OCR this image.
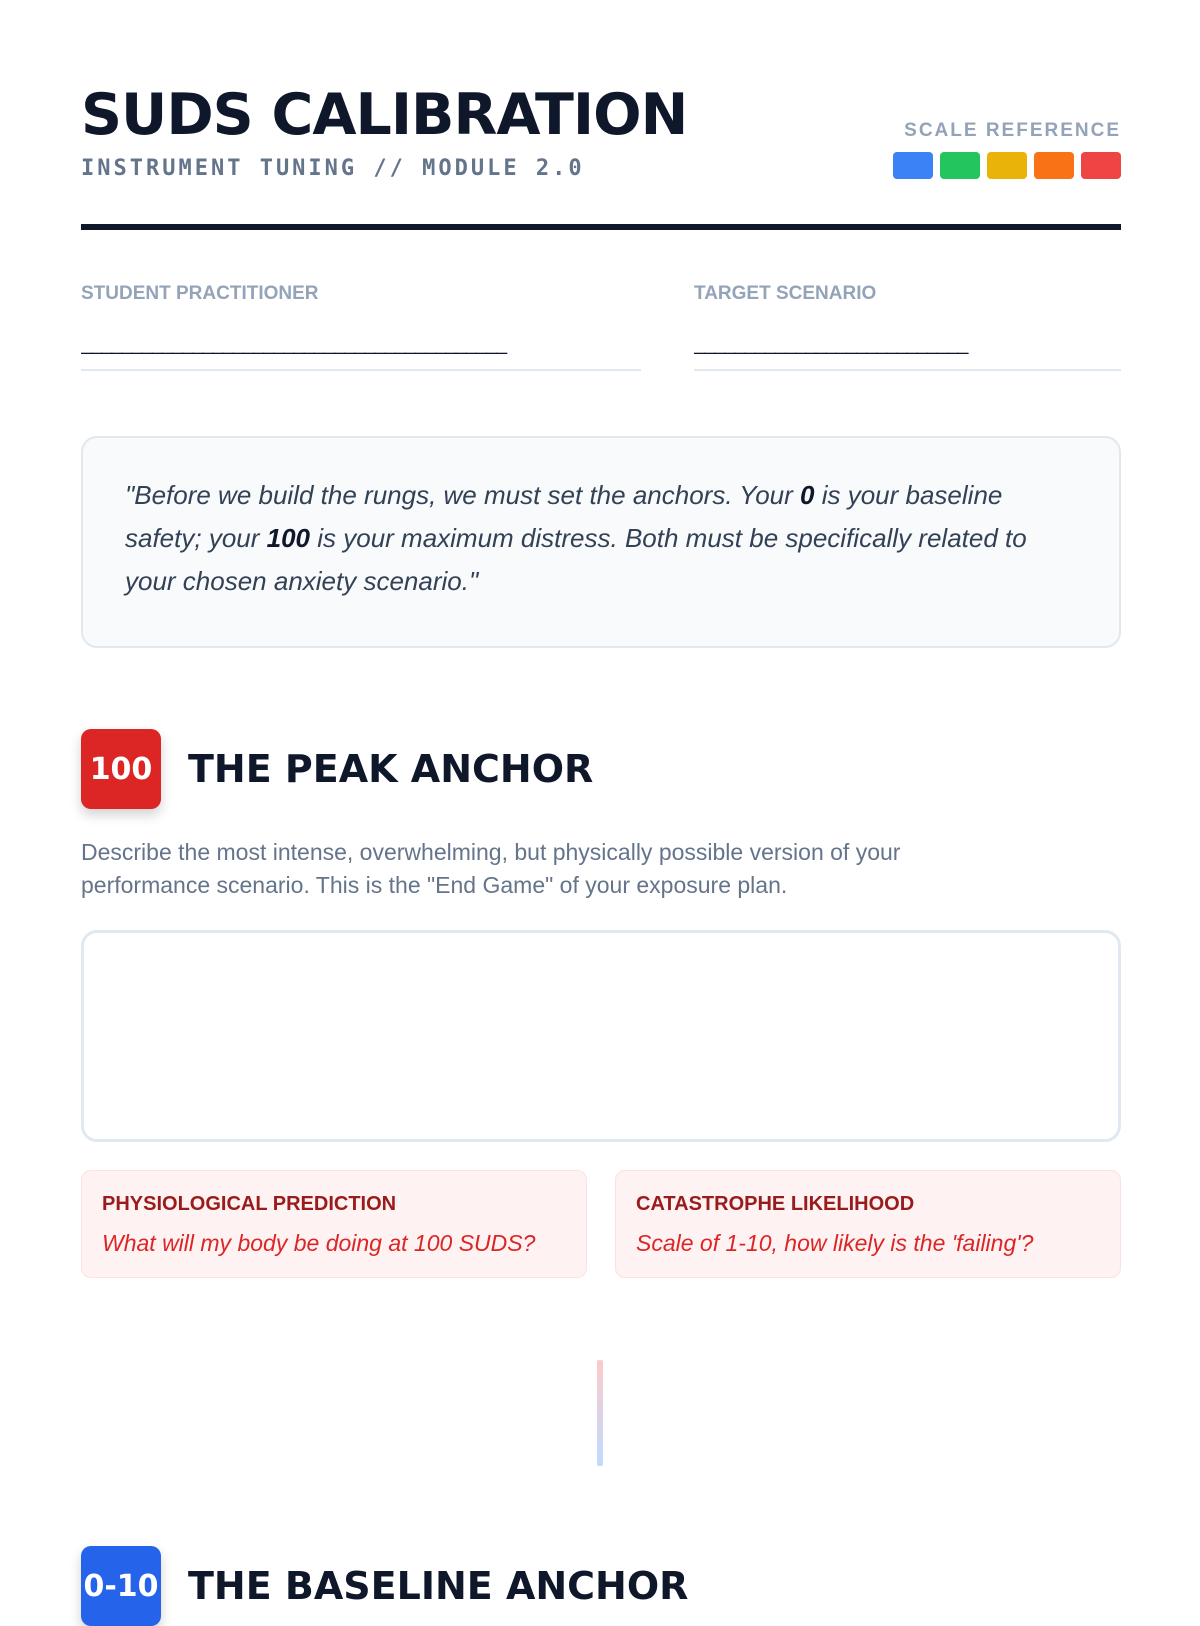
SUDS CALIBRATION
INSTRUMENT TUNING // MODULE 2.0
SCALE REFERENCE
STUDENT PRACTITIONER
__________________________________________
TARGET SCENARIO
___________________________

"Before we build the rungs, we must set the anchors. Your 0 is your baseline safety; your 100 is your maximum distress. Both must be specifically related to your chosen anxiety scenario."

100 THE PEAK ANCHOR

Describe the most intense, overwhelming, but physically possible version of your performance scenario. This is the "End Game" of your exposure plan.

PHYSIOLOGICAL PREDICTION
What will my body be doing at 100 SUDS?
CATASTROPHE LIKELIHOOD
Scale of 1-10, how likely is the 'failing'?
0-10 THE BASELINE ANCHOR
